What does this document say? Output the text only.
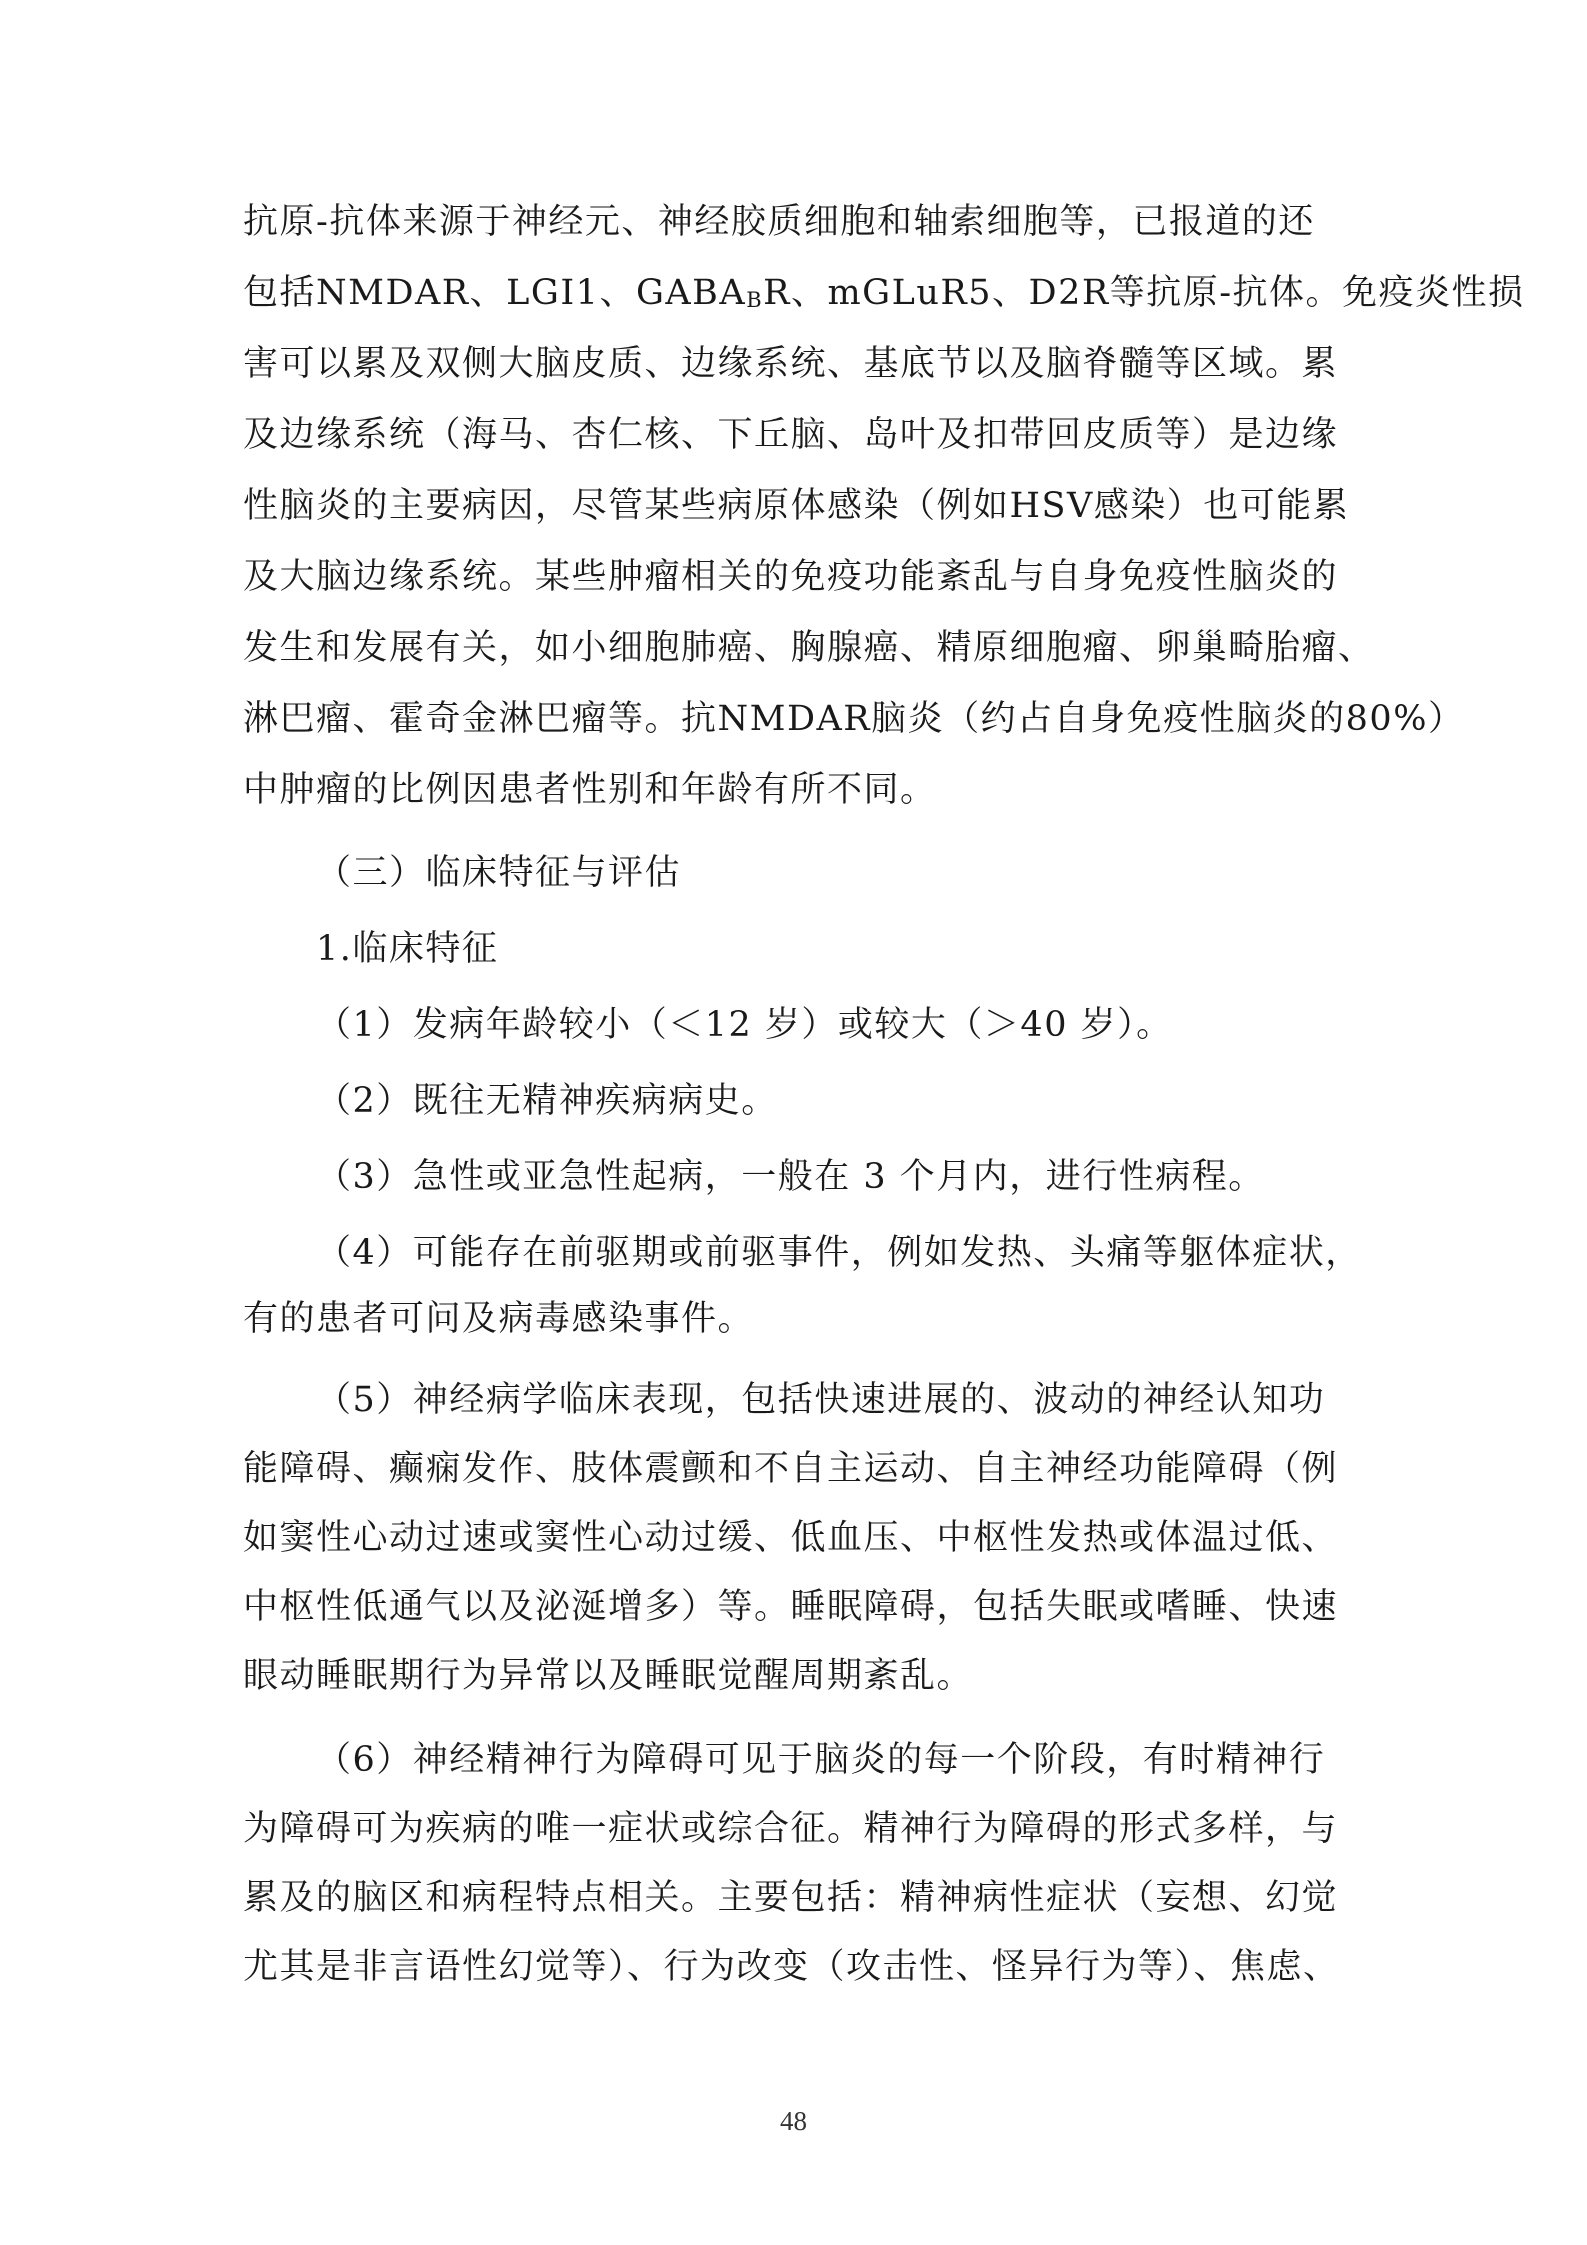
抗原-抗体来源于神经元、神经胶质细胞和轴索细胞等，已报道的还
包括NMDAR、LGI1、$GABA_BR$、mGLuR5、D2R等抗原-抗体。免疫炎性损
害可以累及双侧大脑皮质、边缘系统、基底节以及脑脊髓等区域。累
及边缘系统（海马、杏仁核、下丘脑、岛叶及扣带回皮质等）是边缘
性脑炎的主要病因，尽管某些病原体感染（例如HSV感染）也可能累
及大脑边缘系统。某些肿瘤相关的免疫功能紊乱与自身免疫性脑炎的
发生和发展有关，如小细胞肺癌、胸腺癌、精原细胞瘤、卵巢畸胎瘤、
淋巴瘤、霍奇金淋巴瘤等。抗NMDAR脑炎（约占自身免疫性脑炎的80%）
中肿瘤的比例因患者性别和年龄有所不同。
（三）临床特征与评估
1.临床特征
（1）发病年龄较小（＜12 岁）或较大（＞40 岁）。
（2）既往无精神疾病病史。
（3）急性或亚急性起病，一般在 3 个月内，进行性病程。
（4）可能存在前驱期或前驱事件，例如发热、头痛等躯体症状，
有的患者可问及病毒感染事件。
（5）神经病学临床表现，包括快速进展的、波动的神经认知功
能障碍、癫痫发作、肢体震颤和不自主运动、自主神经功能障碍（例
如窦性心动过速或窦性心动过缓、低血压、中枢性发热或体温过低、
中枢性低通气以及泌涎增多）等。睡眠障碍，包括失眠或嗜睡、快速
眼动睡眠期行为异常以及睡眠觉醒周期紊乱。
（6）神经精神行为障碍可见于脑炎的每一个阶段，有时精神行
为障碍可为疾病的唯一症状或综合征。精神行为障碍的形式多样，与
累及的脑区和病程特点相关。主要包括：精神病性症状（妄想、幻觉
尤其是非言语性幻觉等）、行为改变（攻击性、怪异行为等）、焦虑、
48
